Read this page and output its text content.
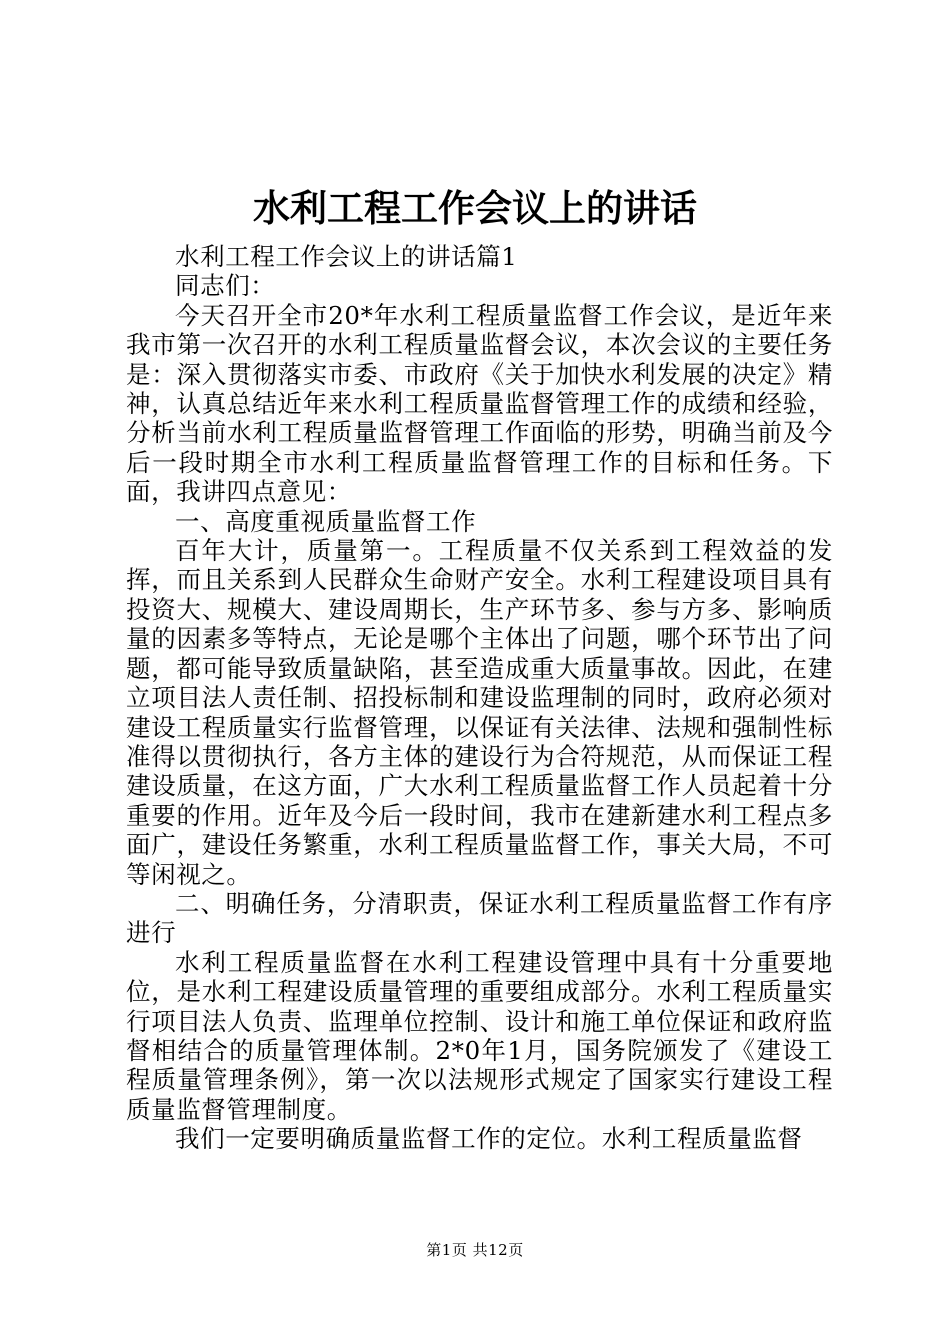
水利工程工作会议上的讲话

水利工程工作会议上的讲话篇1

同志们：

今天召开全市20*年水利工程质量监督工作会议，是近年来我市第一次召开的水利工程质量监督会议，本次会议的主要任务是：深入贯彻落实市委、市政府《关于加快水利发展的决定》精神，认真总结近年来水利工程质量监督管理工作的成绩和经验，分析当前水利工程质量监督管理工作面临的形势，明确当前及今后一段时期全市水利工程质量监督管理工作的目标和任务。下面，我讲四点意见：

一、高度重视质量监督工作

百年大计，质量第一。工程质量不仅关系到工程效益的发挥，而且关系到人民群众生命财产安全。水利工程建设项目具有投资大、规模大、建设周期长，生产环节多、参与方多、影响质量的因素多等特点，无论是哪个主体出了问题，哪个环节出了问题，都可能导致质量缺陷，甚至造成重大质量事故。因此，在建立项目法人责任制、招投标制和建设监理制的同时，政府必须对建设工程质量实行监督管理，以保证有关法律、法规和强制性标准得以贯彻执行，各方主体的建设行为合符规范，从而保证工程建设质量，在这方面，广大水利工程质量监督工作人员起着十分重要的作用。近年及今后一段时间，我市在建新建水利工程点多面广，建设任务繁重，水利工程质量监督工作，事关大局，不可等闲视之。

二、明确任务，分清职责，保证水利工程质量监督工作有序进行

水利工程质量监督在水利工程建设管理中具有十分重要地位，是水利工程建设质量管理的重要组成部分。水利工程质量实行项目法人负责、监理单位控制、设计和施工单位保证和政府监督相结合的质量管理体制。2*0年1月，国务院颁发了《建设工程质量管理条例》，第一次以法规形式规定了国家实行建设工程质量监督管理制度。

我们一定要明确质量监督工作的定位。水利工程质量监督

第1页 共12页
